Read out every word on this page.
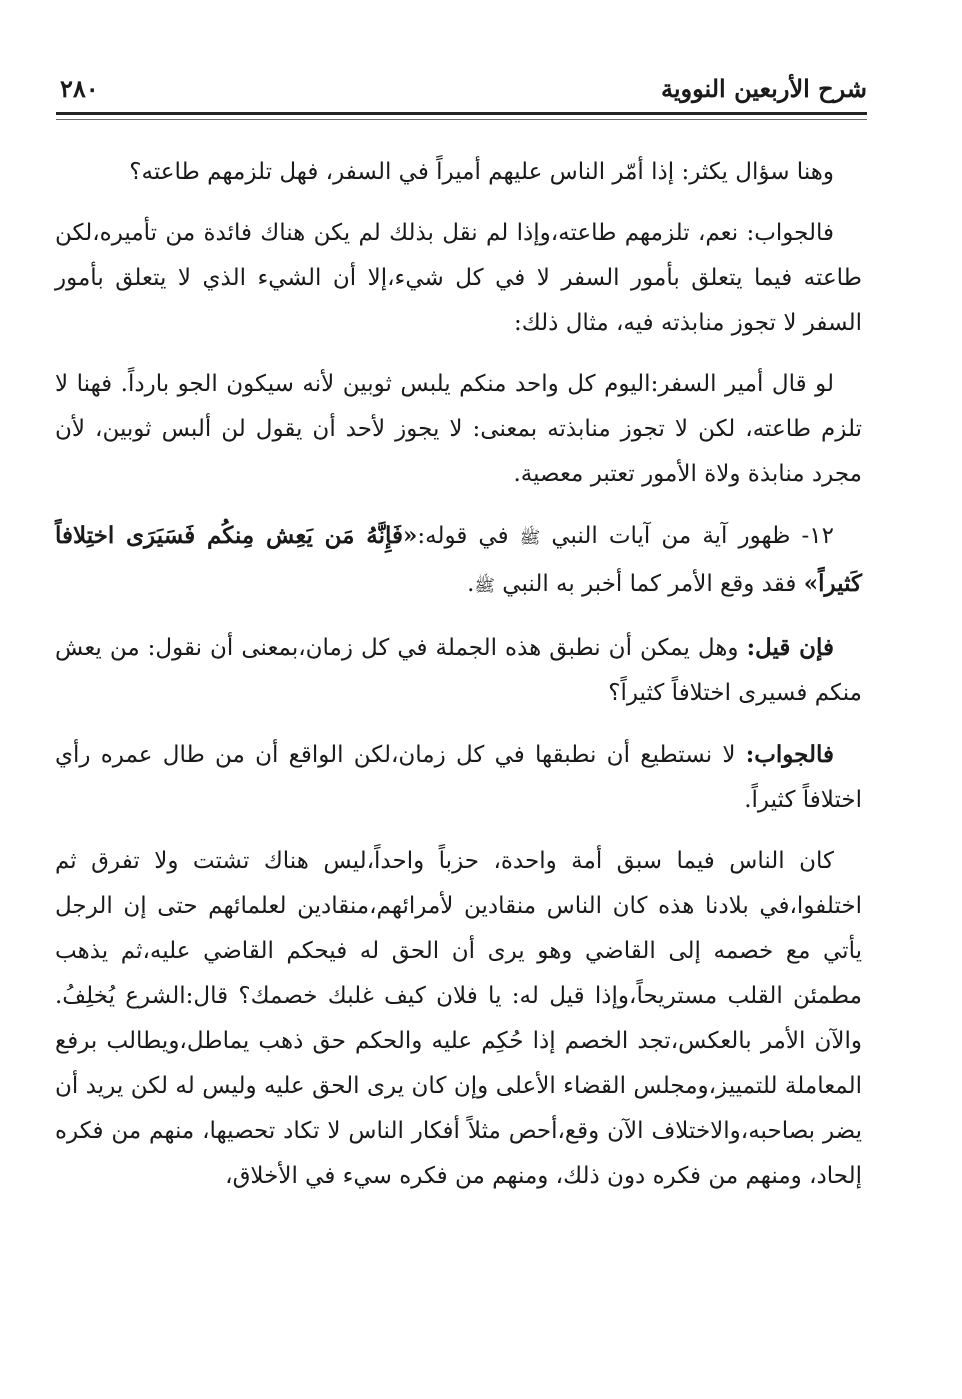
شرح الأربعين النووية
٢٨٠

وهنا سؤال يكثر: إذا أمّر الناس عليهم أميراً في السفر، فهل تلزمهم طاعته؟

فالجواب: نعم، تلزمهم طاعته،وإذا لم نقل بذلك لم يكن هناك فائدة من تأميره،لكن طاعته فيما يتعلق بأمور السفر لا في كل شيء،إلا أن الشيء الذي لا يتعلق بأمور السفر لا تجوز منابذته فيه، مثال ذلك:

لو قال أمير السفر:اليوم كل واحد منكم يلبس ثوبين لأنه سيكون الجو بارداً. فهنا لا تلزم طاعته، لكن لا تجوز منابذته بمعنى: لا يجوز لأحد أن يقول لن ألبس ثوبين، لأن مجرد منابذة ولاة الأمور تعتبر معصية.

١٢- ظهور آية من آيات النبي ﷺ في قوله:«فَإِنَّهُ مَن يَعِش مِنكُم فَسَيَرَى اختِلافاً كَثيراً» فقد وقع الأمر كما أخبر به النبي ﷺ.

فإن قيل: وهل يمكن أن نطبق هذه الجملة في كل زمان،بمعنى أن نقول: من يعش منكم فسيرى اختلافاً كثيراً؟

فالجواب: لا نستطيع أن نطبقها في كل زمان،لكن الواقع أن من طال عمره رأي اختلافاً كثيراً.

كان الناس فيما سبق أمة واحدة، حزباً واحداً،ليس هناك تشتت ولا تفرق ثم اختلفوا،في بلادنا هذه كان الناس منقادين لأمرائهم،منقادين لعلمائهم حتى إن الرجل يأتي مع خصمه إلى القاضي وهو يرى أن الحق له فيحكم القاضي عليه،ثم يذهب مطمئن القلب مستريحاً،وإذا قيل له: يا فلان كيف غلبك خصمك؟ قال:الشرع يُخلِفُ. والآن الأمر بالعكس،تجد الخصم إذا حُكِم عليه والحكم حق ذهب يماطل،ويطالب برفع المعاملة للتمييز،ومجلس القضاء الأعلى وإن كان يرى الحق عليه وليس له لكن يريد أن يضر بصاحبه،والاختلاف الآن وقع،أحص مثلاً أفكار الناس لا تكاد تحصيها، منهم من فكره إلحاد، ومنهم من فكره دون ذلك، ومنهم من فكره سيء في الأخلاق،
